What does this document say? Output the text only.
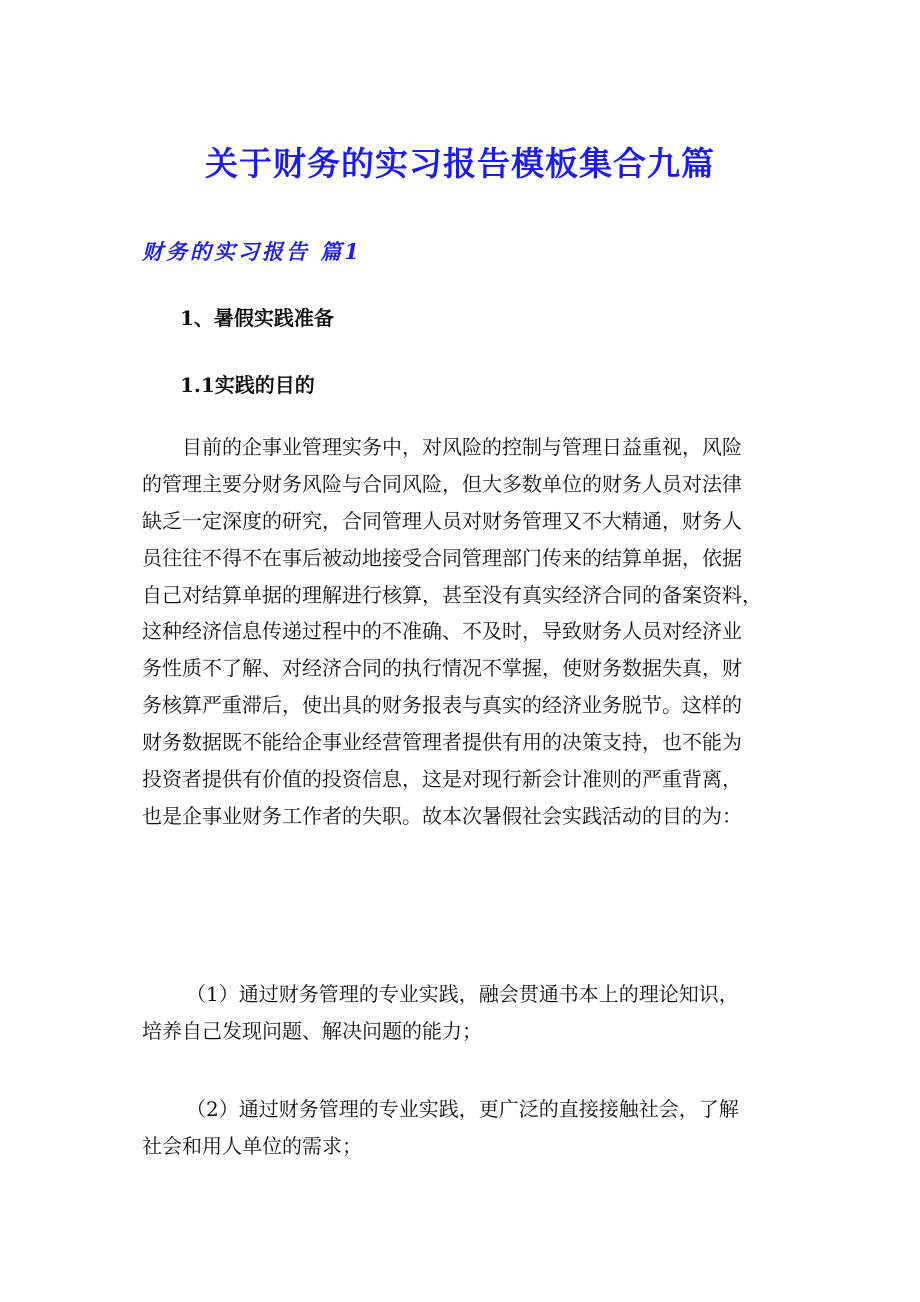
关于财务的实习报告模板集合九篇
财务的实习报告 篇1
1、暑假实践准备
1.1实践的目的
目前的企事业管理实务中，对风险的控制与管理日益重视，风险
的管理主要分财务风险与合同风险，但大多数单位的财务人员对法律
缺乏一定深度的研究，合同管理人员对财务管理又不大精通，财务人
员往往不得不在事后被动地接受合同管理部门传来的结算单据，依据
自己对结算单据的理解进行核算，甚至没有真实经济合同的备案资料，
这种经济信息传递过程中的不准确、不及时，导致财务人员对经济业
务性质不了解、对经济合同的执行情况不掌握，使财务数据失真，财
务核算严重滞后，使出具的财务报表与真实的经济业务脱节。这样的
财务数据既不能给企事业经营管理者提供有用的决策支持，也不能为
投资者提供有价值的投资信息，这是对现行新会计准则的严重背离，
也是企事业财务工作者的失职。故本次暑假社会实践活动的目的为：
（1）通过财务管理的专业实践，融会贯通书本上的理论知识，
培养自己发现问题、解决问题的能力；
（2）通过财务管理的专业实践，更广泛的直接接触社会，了解
社会和用人单位的需求；
